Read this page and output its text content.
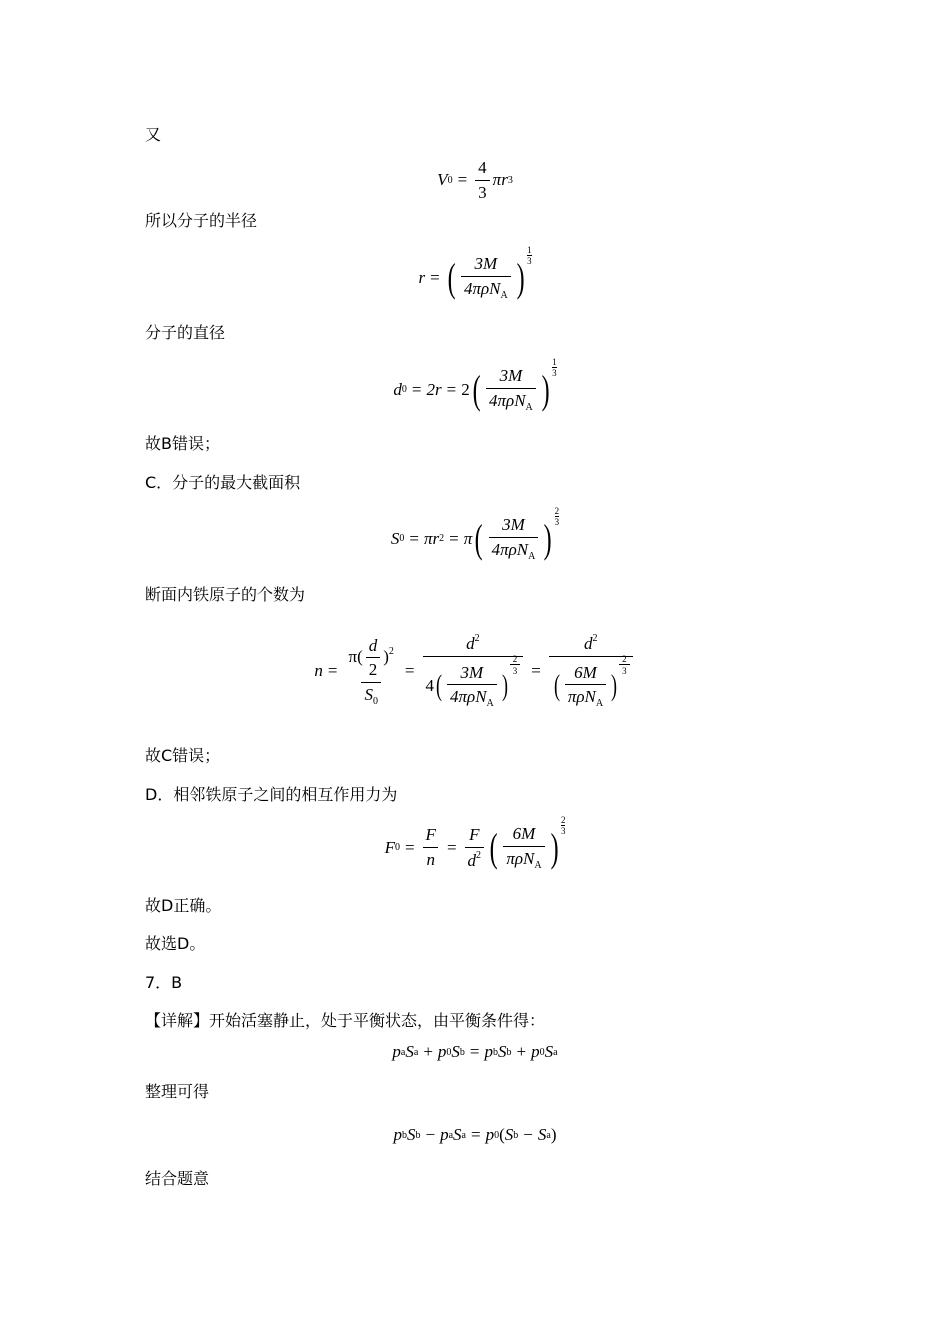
又
V $0 = \frac{4}{3}$ π r 3
所以分子的半径
r = ( $\frac{3M}{4\pi\rho N_A}$ )
1
3
分子的直径
d 0 = 2r = 2 ( $\frac{3M}{4\pi\rho N_A}$ )
1
3
故B错误；
C．分子的最大截面积
S 0 = π r 2 = π ( $\frac{3M}{4\pi\rho N_A}$ )
2
3
断面内铁原子的个数为
$n = \frac{\pi( \frac{d}{2} )^2}{S_0} = d^2$
4 ( $\frac{3M}{4\pi\rho N_A}$ )
2
$3 = d^2$
( $\frac{6M}{\pi\rho N_A}$ )
2
3
故C错误；
D．相邻铁原子之间的相互作用力为
F $0 = \frac{F}{n} = \frac{F}{d^2}$ ( $\frac{6M}{\pi\rho N_A}$ )
2
3
故D正确。
故选D。
7．B
【详解】开始活塞静止，处于平衡状态，由平衡条件得：
p a S a + p 0 S b = p b S b + p 0 S a
整理可得
p b S b − p a S a = p 0 ( S b − S a )
结合题意
